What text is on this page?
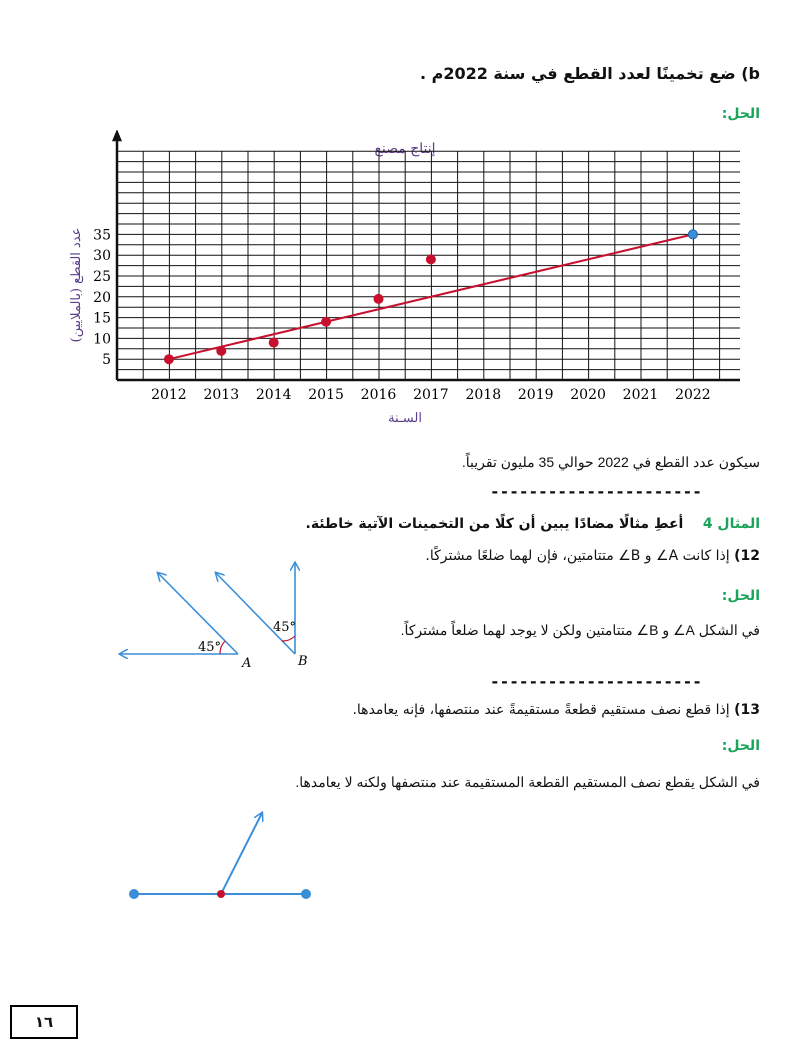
b) ضع تخمينًا لعدد القطع في سنة 2022م .
الحل:
إنتاج مصنع
5
10
15
20
25
30
35
2012 2013 2014 2015 2016 2017 2018 2019 2020 2021 2022
السـنة
عدد القطع (بالملايين)
سيكون عدد القطع في 2022 حوالي 35 مليون تقريباً.
----------------------
المثال 4    أعطِ مثالًا مضادًا يبين أن كلًا من التخمينات الآتية خاطئة.
12) إذا كانت A∠ و B∠ متتامتين، فإن لهما ضلعًا مشتركًا.
الحل:
في الشكل A∠ و B∠ متتامتين ولكن لا يوجد لهما ضلعاً مشتركاً.
----------------------
45°
A
45°
B
13) إذا قطع نصف مستقيم قطعةً مستقيمةً عند منتصفها، فإنه يعامدها.
الحل:
في الشكل يقطع نصف المستقيم القطعة المستقيمة عند منتصفها ولكنه لا يعامدها.
١٦
